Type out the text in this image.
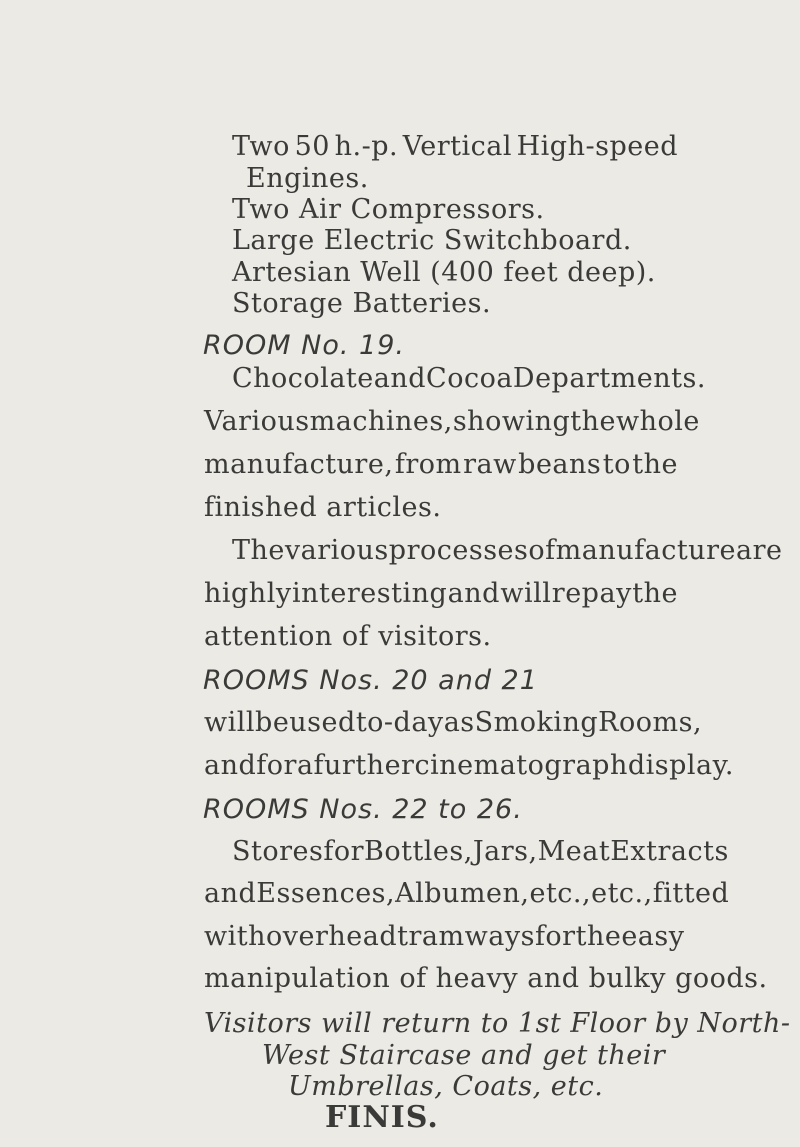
Two 50 h.-p. Vertical High-speed
Engines.
Two Air Compressors.
Large Electric Switchboard.
Artesian Well (400 feet deep).
Storage Batteries.
ROOM No. 19.
Chocolate and Cocoa Departments.
Various machines, showing the whole
manufacture, from raw beans to the
finished articles.
The various processes of manufacture are
highly interesting and will repay the
attention of visitors.
ROOMS Nos. 20 and 21
will be used to-day as Smoking Rooms,
and for a further cinematograph display.
ROOMS Nos. 22 to 26.
Stores for Bottles, Jars, Meat Extracts
and Essences, Albumen, etc., etc., fitted
with overhead tramways for the easy
manipulation of heavy and bulky goods.
Visitors will return to 1st Floor by North-
West Staircase and get their
Umbrellas, Coats, etc.
FINIS.
